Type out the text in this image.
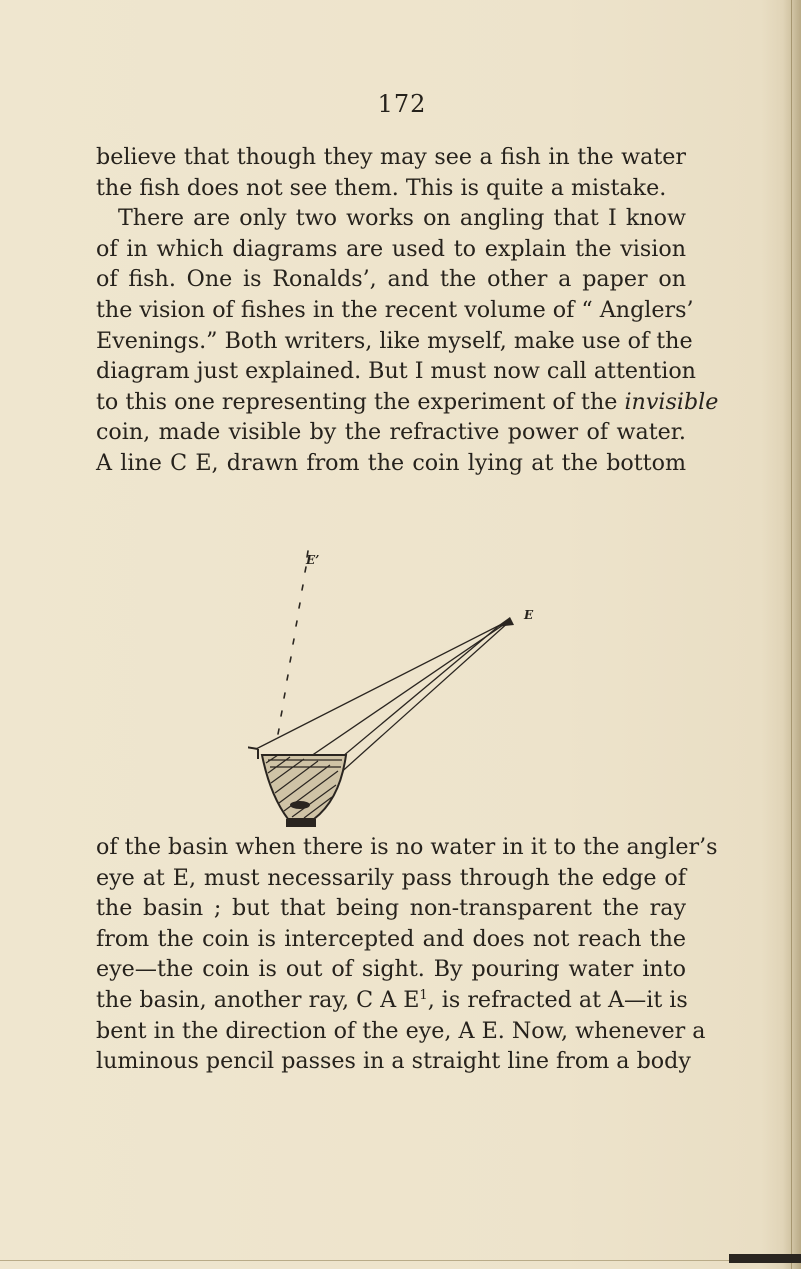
172
believe that though they may see a fish in the water
the fish does not see them. This is quite a mistake.
There are only two works on angling that I know
of in which diagrams are used to explain the vision
of fish. One is Ronalds’, and the other a paper on
the vision of fishes in the recent volume of “ Anglers’
Evenings.” Both writers, like myself, make use of the
diagram just explained. But I must now call attention
to this one representing the experiment of the invisible
coin, made visible by the refractive power of water.
A line C E, drawn from the coin lying at the bottom
E’
E
of the basin when there is no water in it to the angler’s
eye at E, must necessarily pass through the edge of
the basin ; but that being non-transparent the ray
from the coin is intercepted and does not reach the
eye—the coin is out of sight. By pouring water into
the basin, another ray, C A $E^1$, is refracted at A—it is
bent in the direction of the eye, A E. Now, whenever a
luminous pencil passes in a straight line from a body
